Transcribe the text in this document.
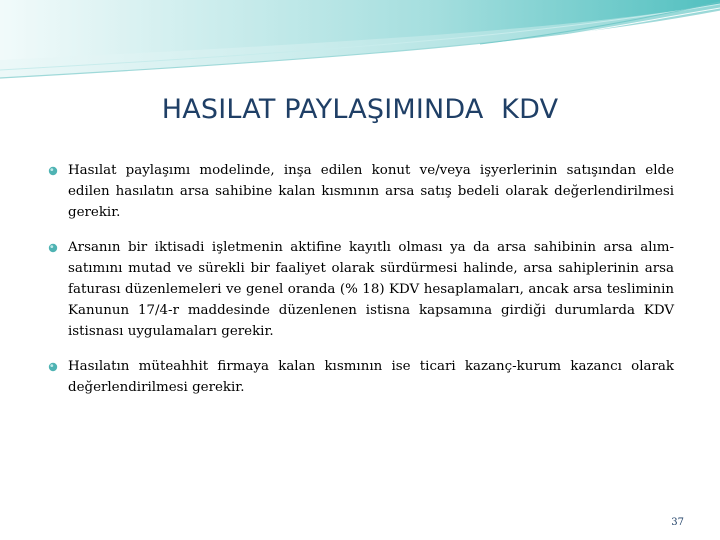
HASILAT PAYLAŞIMINDA  KDV
Hasılat paylaşımı modelinde, inşa edilen konut ve/veya işyerlerinin satışından elde edilen hasılatın arsa sahibine kalan kısmının arsa satış bedeli olarak değerlendirilmesi gerekir.
Arsanın bir iktisadi işletmenin aktifine kayıtlı olması ya da arsa sahibinin arsa alım-satımını mutad ve sürekli bir faaliyet olarak sürdürmesi halinde, arsa sahiplerinin arsa faturası düzenlemeleri ve genel oranda (% 18) KDV hesaplamaları, ancak arsa tesliminin Kanunun 17/4-r maddesinde düzenlenen istisna kapsamına girdiği durumlarda KDV istisnası uygulamaları gerekir.
Hasılatın müteahhit firmaya kalan kısmının ise ticari kazanç-kurum kazancı olarak değerlendirilmesi gerekir.
37
